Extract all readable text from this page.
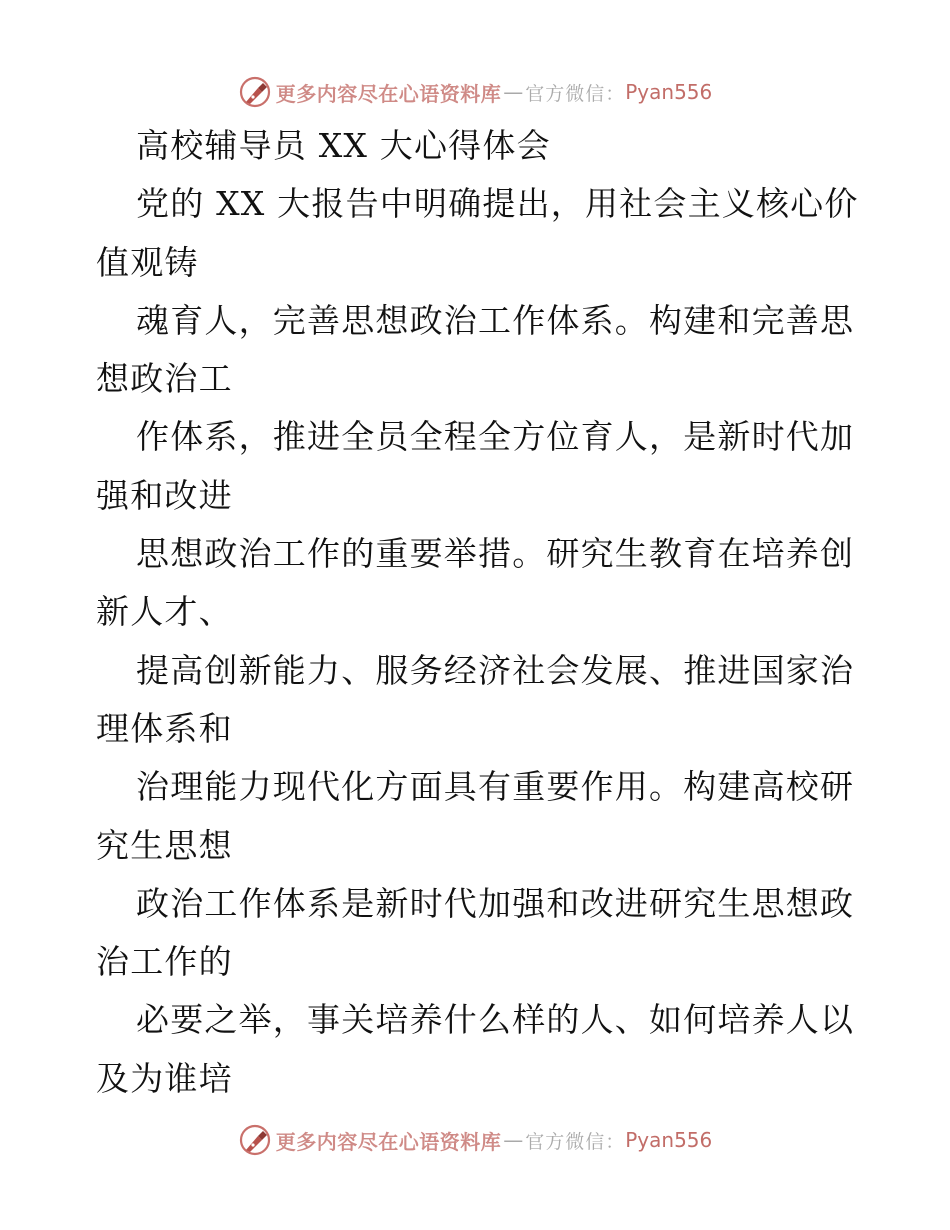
更多内容尽在心语资料库 — 官方微信： Pyan556
高校辅导员 XX 大心得体会
党的 XX 大报告中明确提出，用社会主义核心价
值观铸
魂育人，完善思想政治工作体系。构建和完善思
想政治工
作体系，推进全员全程全方位育人，是新时代加
强和改进
思想政治工作的重要举措。研究生教育在培养创
新人才、
提高创新能力、服务经济社会发展、推进国家治
理体系和
治理能力现代化方面具有重要作用。构建高校研
究生思想
政治工作体系是新时代加强和改进研究生思想政
治工作的
必要之举，事关培养什么样的人、如何培养人以
及为谁培
更多内容尽在心语资料库 — 官方微信： Pyan556
